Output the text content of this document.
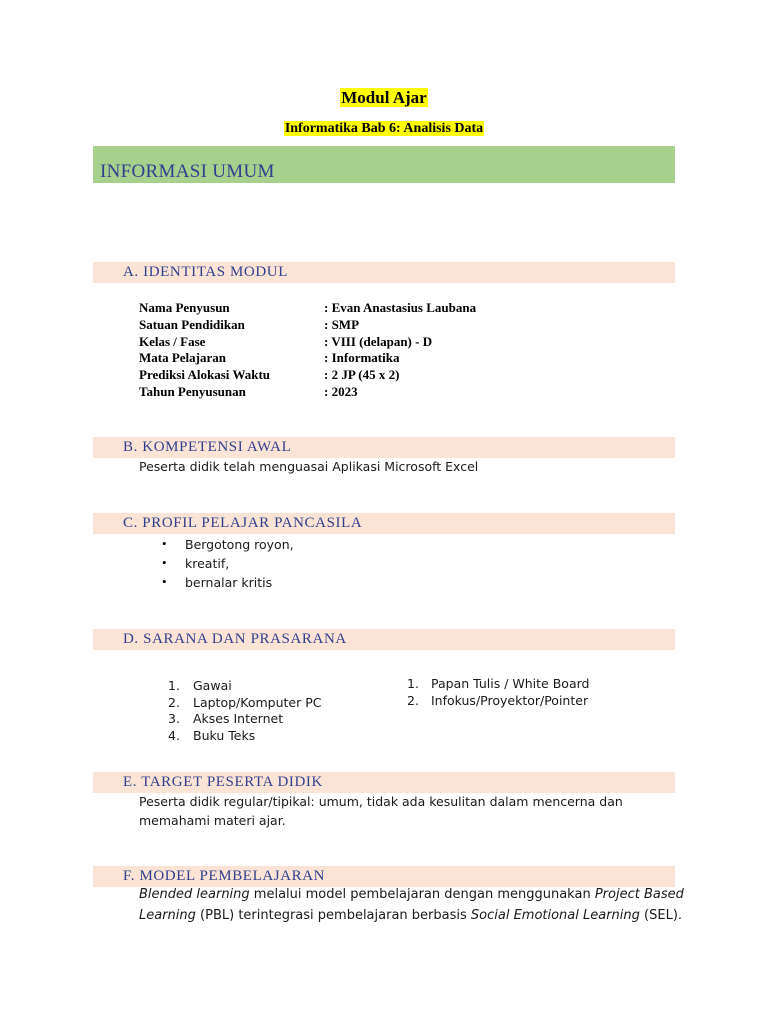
Modul Ajar
Informatika Bab 6: Analisis Data
INFORMASI UMUM
A. IDENTITAS MODUL
Nama Penyusun	: Evan Anastasius Laubana
Satuan Pendidikan	: SMP
Kelas / Fase	: VIII (delapan) - D
Mata Pelajaran	: Informatika
Prediksi Alokasi Waktu	: 2 JP (45 x 2)
Tahun Penyusunan	: 2023
B. KOMPETENSI AWAL
Peserta didik telah menguasai Aplikasi Microsoft Excel
C. PROFIL PELAJAR PANCASILA
• Bergotong royon,
• kreatif,
• bernalar kritis
D. SARANA DAN PRASARANA
1. Gawai
2. Laptop/Komputer PC
3. Akses Internet
4. Buku Teks
1. Papan Tulis / White Board
2. Infokus/Proyektor/Pointer
E. TARGET PESERTA DIDIK
Peserta didik regular/tipikal: umum, tidak ada kesulitan dalam mencerna dan
memahami materi ajar.
F. MODEL PEMBELAJARAN
Blended learning melalui model pembelajaran dengan menggunakan Project Based
Learning (PBL) terintegrasi pembelajaran berbasis Social Emotional Learning (SEL).
